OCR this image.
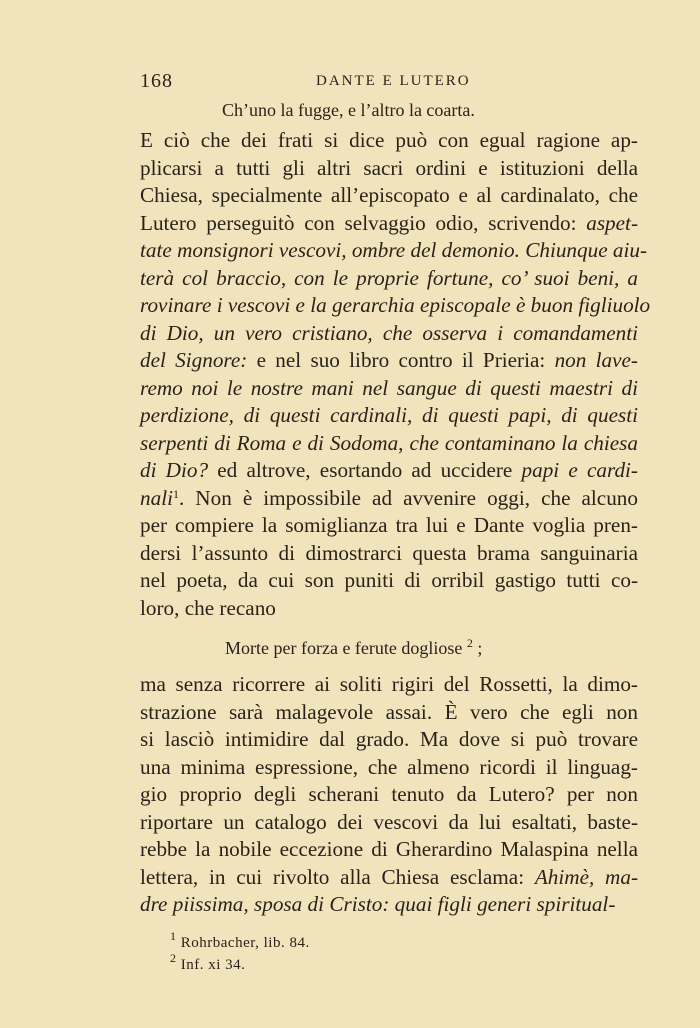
168	DANTE E LUTERO
Ch’uno la fugge, e l’altro la coarta.
E ciò che dei frati si dice può con egual ragione ap-
plicarsi a tutti gli altri sacri ordini e istituzioni della
Chiesa, specialmente all’episcopato e al cardinalato, che
Lutero perseguitò con selvaggio odio, scrivendo: aspet-
tate monsignori vescovi, ombre del demonio. Chiunque aiu-
terà col braccio, con le proprie fortune, co’ suoi beni, a
rovinare i vescovi e la gerarchia episcopale è buon figliuolo
di Dio, un vero cristiano, che osserva i comandamenti
del Signore: e nel suo libro contro il Prieria: non lave-
remo noi le nostre mani nel sangue di questi maestri di
perdizione, di questi cardinali, di questi papi, di questi
serpenti di Roma e di Sodoma, che contaminano la chiesa
di Dio? ed altrove, esortando ad uccidere papi e cardi-
nali$^1$. Non è impossibile ad avvenire oggi, che alcuno
per compiere la somiglianza tra lui e Dante voglia pren-
dersi l’assunto di dimostrarci questa brama sanguinaria
nel poeta, da cui son puniti di orribil gastigo tutti co-
loro, che recano
Morte per forza e ferute dogliose $^2$ ;
ma senza ricorrere ai soliti rigiri del Rossetti, la dimo-
strazione sarà malagevole assai. È vero che egli non
si lasciò intimidire dal grado. Ma dove si può trovare
una minima espressione, che almeno ricordi il linguag-
gio proprio degli scherani tenuto da Lutero? per non
riportare un catalogo dei vescovi da lui esaltati, baste-
rebbe la nobile eccezione di Gherardino Malaspina nella
lettera, in cui rivolto alla Chiesa esclama: Ahimè, ma-
dre piissima, sposa di Cristo: quai figli generi spiritual-
$^1$ Rohrbacher, lib. 84.
$^2$ Inf. xi 34.
